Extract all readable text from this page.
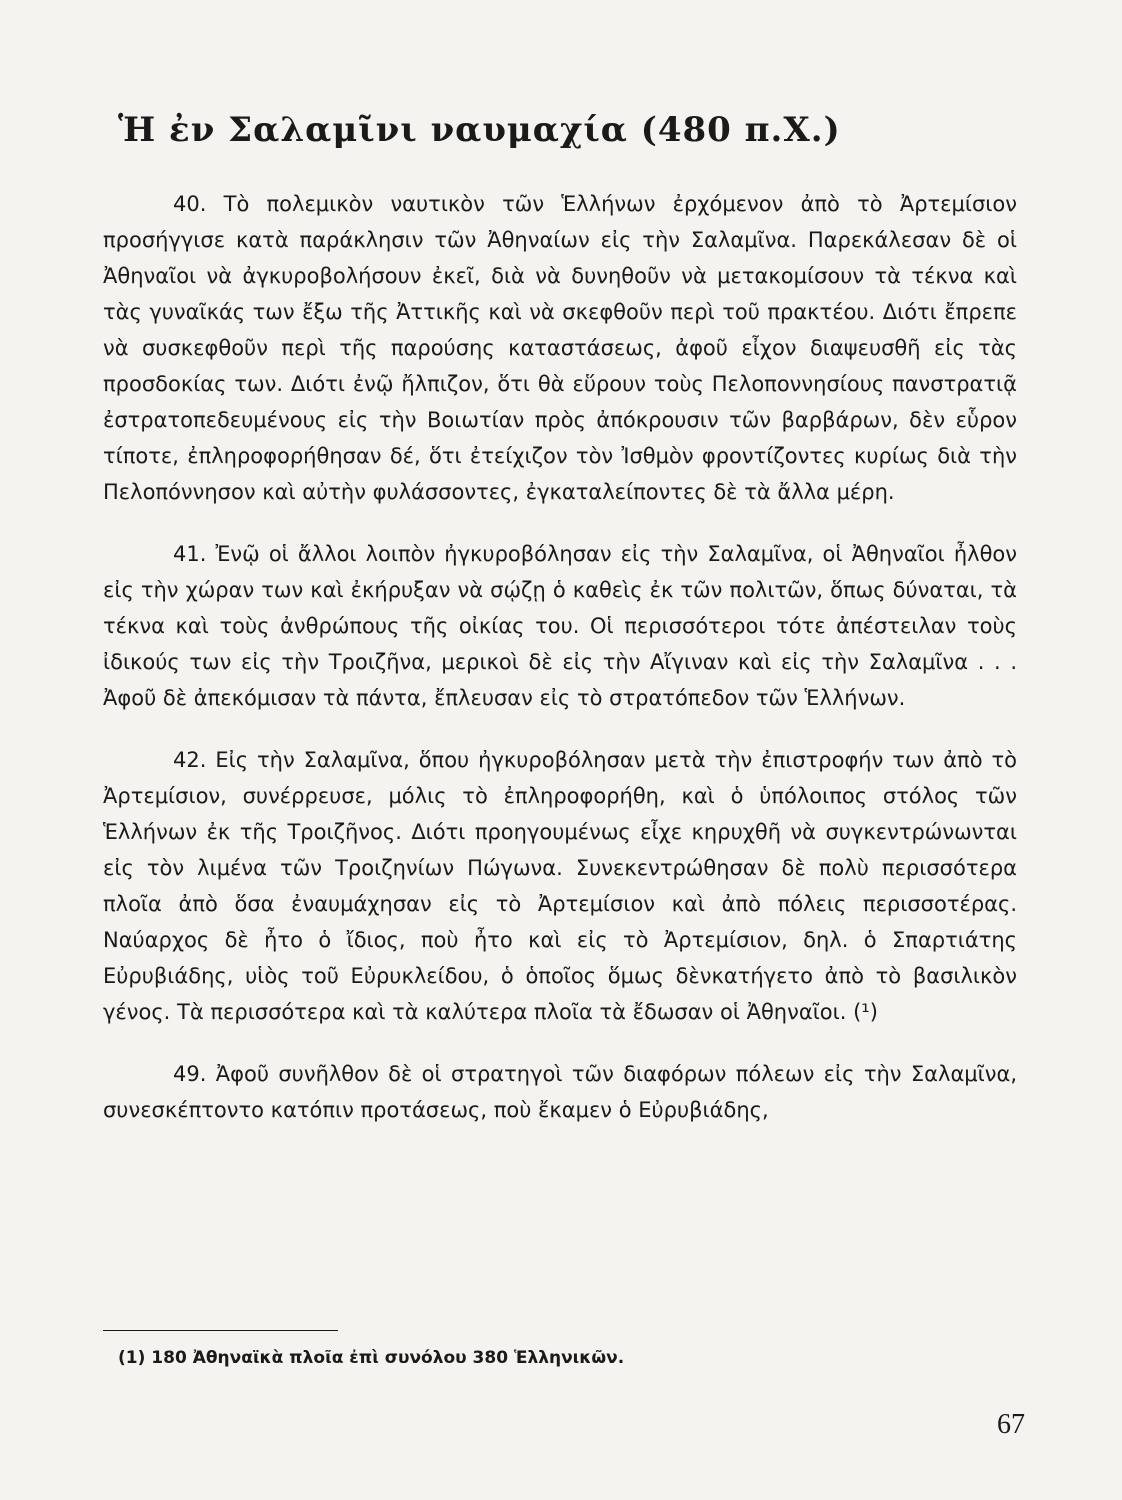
Ἡ ἐν Σαλαμῖνι ναυμαχία (480 π.Χ.)

40. Τὸ πολεμικὸν ναυτικὸν τῶν Ἑλλήνων ἐρχόμενον ἀπὸ τὸ Ἀρτεμίσιον προσήγγισε κατὰ παράκλησιν τῶν Ἀθηναίων εἰς τὴν Σαλαμῖνα. Παρεκάλεσαν δὲ οἱ Ἀθηναῖοι νὰ ἀγκυροβολήσουν ἐκεῖ, διὰ νὰ δυνηθοῦν νὰ μετακομίσουν τὰ τέκνα καὶ τὰς γυναῖκάς των ἔξω τῆς Ἀττικῆς καὶ νὰ σκεφθοῦν περὶ τοῦ πρακτέου. Διότι ἔπρεπε νὰ συσκεφθοῦν περὶ τῆς παρούσης καταστάσεως, ἀφοῦ εἶχον διαψευσθῆ εἰς τὰς προσδοκίας των. Διότι ἐνῷ ἤλπιζον, ὅτι θὰ εὕρουν τοὺς Πελοποννησίους πανστρατιᾷ ἐστρατοπεδευμένους εἰς τὴν Βοιωτίαν πρὸς ἀπόκρουσιν τῶν βαρβάρων, δὲν εὗρον τίποτε, ἐπληροφορήθησαν δέ, ὅτι ἐτείχιζον τὸν Ἰσθμὸν φροντίζοντες κυρίως διὰ τὴν Πελοπόννησον καὶ αὐτὴν φυλάσσοντες, ἐγκαταλείποντες δὲ τὰ ἄλλα μέρη.

41. Ἐνῷ οἱ ἄλλοι λοιπὸν ἠγκυροβόλησαν εἰς τὴν Σαλαμῖνα, οἱ Ἀθηναῖοι ἦλθον εἰς τὴν χώραν των καὶ ἐκήρυξαν νὰ σῴζῃ ὁ καθεὶς ἐκ τῶν πολιτῶν, ὅπως δύναται, τὰ τέκνα καὶ τοὺς ἀνθρώπους τῆς οἰκίας του. Οἱ περισσότεροι τότε ἀπέστειλαν τοὺς ἰδικούς των εἰς τὴν Τροιζῆνα, μερικοὶ δὲ εἰς τὴν Αἴγιναν καὶ εἰς τὴν Σαλαμῖνα . . . Ἀφοῦ δὲ ἀπεκόμισαν τὰ πάντα, ἔπλευσαν εἰς τὸ στρατόπεδον τῶν Ἑλλήνων.

42. Εἰς τὴν Σαλαμῖνα, ὅπου ἠγκυροβόλησαν μετὰ τὴν ἐπιστροφήν των ἀπὸ τὸ Ἀρτεμίσιον, συνέρρευσε, μόλις τὸ ἐπληροφορήθη, καὶ ὁ ὑπόλοιπος στόλος τῶν Ἑλλήνων ἐκ τῆς Τροιζῆνος. Διότι προηγουμένως εἶχε κηρυχθῆ νὰ συγκεντρώνωνται εἰς τὸν λιμένα τῶν Τροιζηνίων Πώγωνα. Συνεκεντρώθησαν δὲ πολὺ περισσότερα πλοῖα ἀπὸ ὅσα ἐναυμάχησαν εἰς τὸ Ἀρτεμίσιον καὶ ἀπὸ πόλεις περισσοτέρας. Ναύαρχος δὲ ἦτο ὁ ἴδιος, ποὺ ἦτο καὶ εἰς τὸ Ἀρτεμίσιον, δηλ. ὁ Σπαρτιάτης Εὐρυβιάδης, υἱὸς τοῦ Εὐρυκλείδου, ὁ ὁποῖος ὅμως δὲνκατήγετο ἀπὸ τὸ βασιλικὸν γένος. Τὰ περισσότερα καὶ τὰ καλύτερα πλοῖα τὰ ἔδωσαν οἱ Ἀθηναῖοι. (¹)

49. Ἀφοῦ συνῆλθον δὲ οἱ στρατηγοὶ τῶν διαφόρων πόλεων εἰς τὴν Σαλαμῖνα, συνεσκέπτοντο κατόπιν προτάσεως, ποὺ ἔκαμεν ὁ Εὐρυβιάδης,

(1) 180 Ἀθηναϊκὰ πλοῖα ἐπὶ συνόλου 380 Ἑλληνικῶν.
67
